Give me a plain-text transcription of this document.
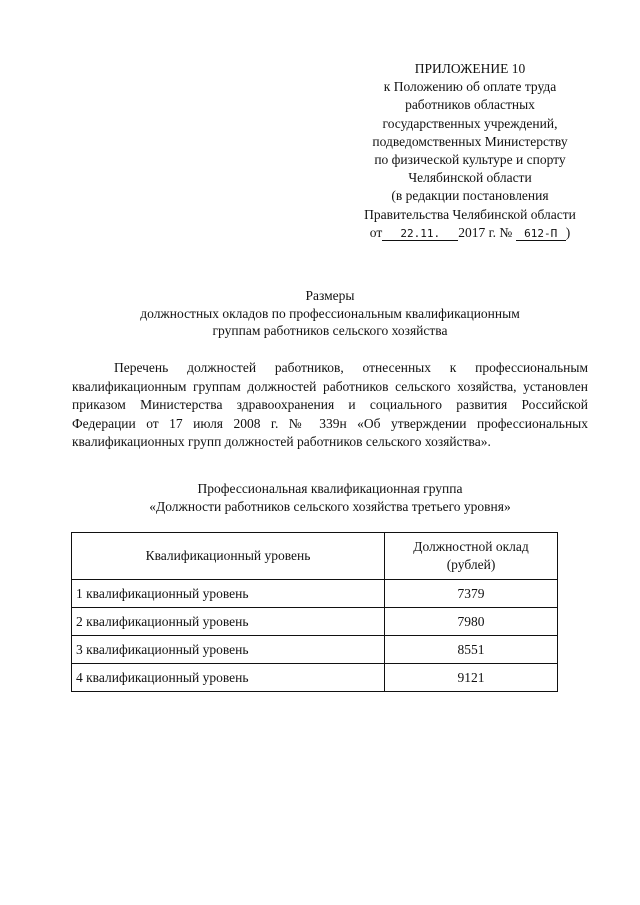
ПРИЛОЖЕНИЕ 10
к Положению об оплате труда
работников областных
государственных учреждений,
подведомственных Министерству
по физической культуре и спорту
Челябинской области
(в редакции постановления
Правительства Челябинской области
от 22.11. 2017 г. № 612-П )
Размеры
должностных окладов по профессиональным квалификационным
группам работников сельского хозяйства
Перечень должностей работников, отнесенных к профессиональным квалификационным группам должностей работников сельского хозяйства, установлен приказом Министерства здравоохранения и социального развития Российской Федерации от 17 июля 2008 г. № 339н «Об утверждении профессиональных квалификационных групп должностей работников сельского хозяйства».
Профессиональная квалификационная группа
«Должности работников сельского хозяйства третьего уровня»
Квалификационный уровень	Должностной оклад
(рублей)
1 квалификационный уровень	7379
2 квалификационный уровень	7980
3 квалификационный уровень	8551
4 квалификационный уровень	9121
